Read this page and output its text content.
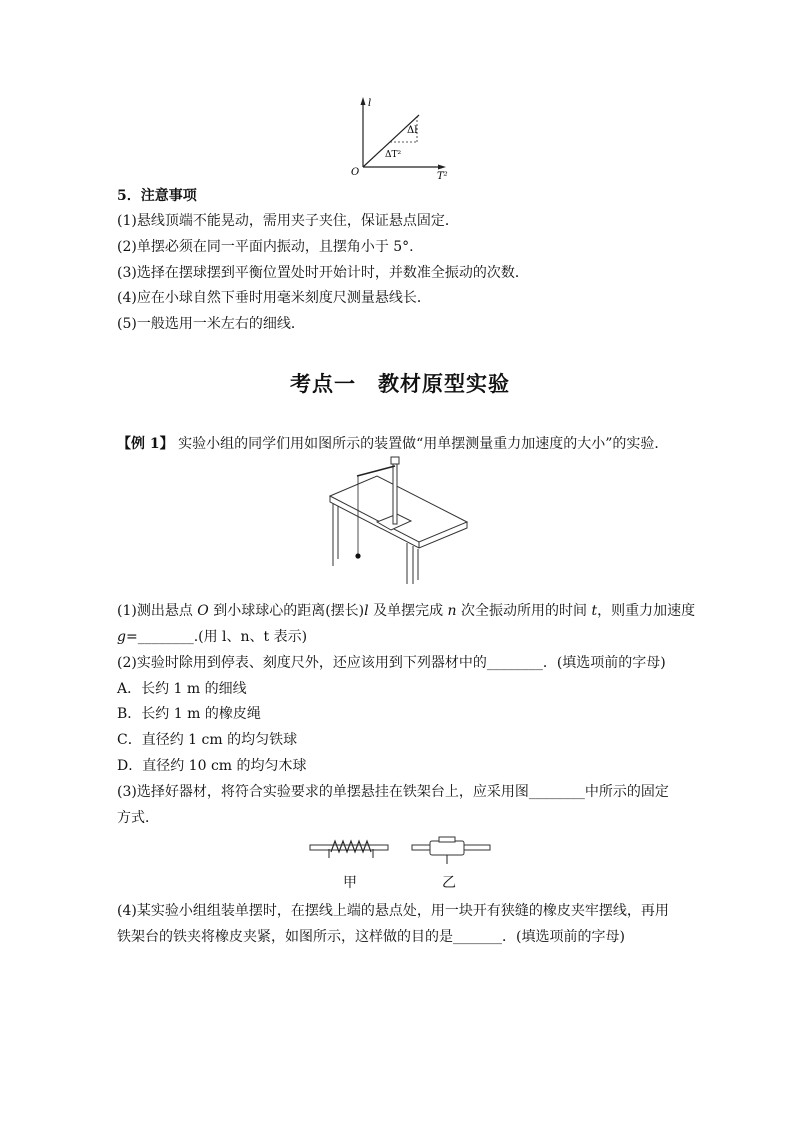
l
T²
O
Δl
ΔT²
5．注意事项
(1)悬线顶端不能晃动，需用夹子夹住，保证悬点固定．
(2)单摆必须在同一平面内振动，且摆角小于 5°.
(3)选择在摆球摆到平衡位置处时开始计时，并数准全振动的次数．
(4)应在小球自然下垂时用毫米刻度尺测量悬线长．
(5)一般选用一米左右的细线．
考点一　教材原型实验
【例 1】 实验小组的同学们用如图所示的装置做“用单摆测量重力加速度的大小”的实验．
(1)测出悬点 O 到小球球心的距离(摆长)l 及单摆完成 n 次全振动所用的时间 t，则重力加速度
g=________.(用 l、n、t 表示)
(2)实验时除用到停表、刻度尺外，还应该用到下列器材中的________．(填选项前的字母)
A．长约 1 m 的细线
B．长约 1 m 的橡皮绳
C．直径约 1 cm 的均匀铁球
D．直径约 10 cm 的均匀木球
(3)选择好器材，将符合实验要求的单摆悬挂在铁架台上，应采用图________中所示的固定
方式．
甲	乙
(4)某实验小组组装单摆时，在摆线上端的悬点处，用一块开有狭缝的橡皮夹牢摆线，再用
铁架台的铁夹将橡皮夹紧，如图所示，这样做的目的是_______．(填选项前的字母)
